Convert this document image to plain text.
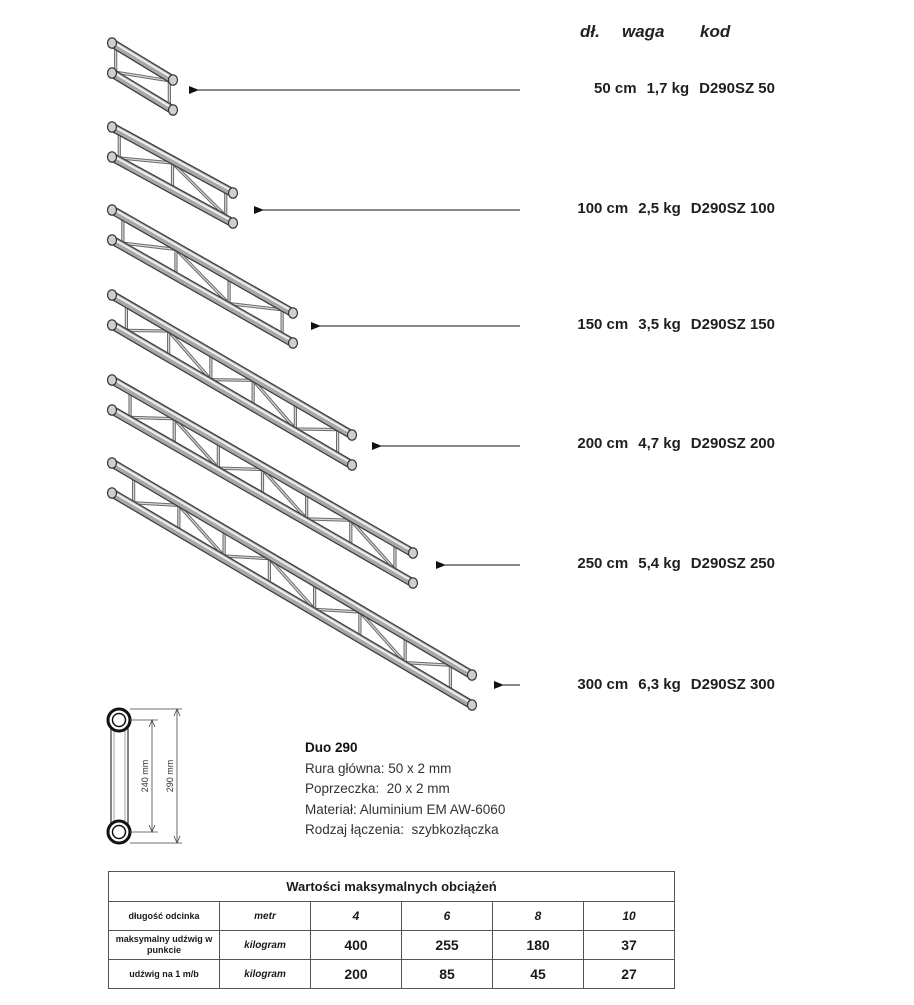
dł. waga kod
240 mm 290 mm
50 cm 1,7 kg D290SZ 50
100 cm 2,5 kg D290SZ 100
150 cm 3,5 kg D290SZ 150
200 cm 4,7 kg D290SZ 200
250 cm 5,4 kg D290SZ 250
300 cm 6,3 kg D290SZ 300
Duo 290
Rura główna: 50 x 2 mm
Poprzeczka:  20 x 2 mm
Materiał: Aluminium EM AW-6060
Rodzaj łączenia:  szybkozłączka
Wartości maksymalnych obciążeń					
długość odcinka	metr	4	6	8	10
maksymalny udźwig w punkcie	kilogram	400	255	180	37
udźwig na 1 m/b	kilogram	200	85	45	27
